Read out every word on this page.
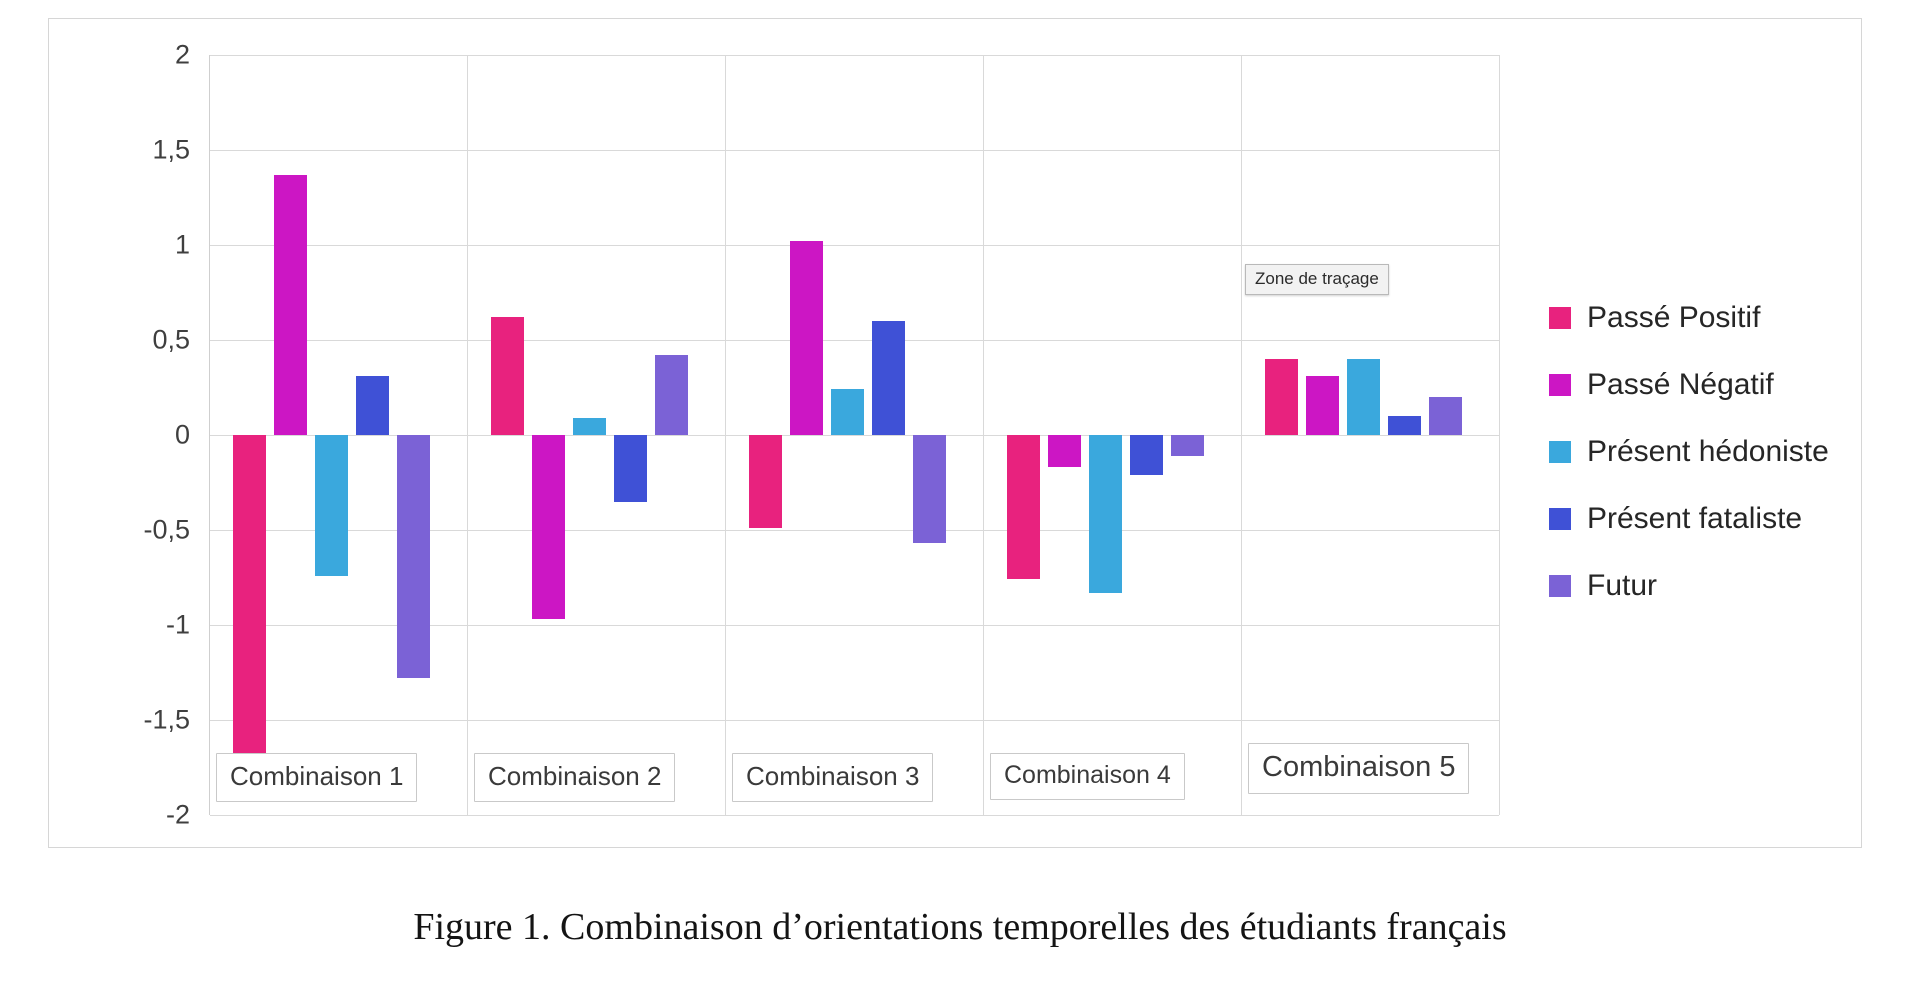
2
1,5
1
0,5
0
-0,5
-1
-1,5
-2
Combinaison 1	Combinaison 2	Combinaison 3	Combinaison 4	Combinaison 5
Zone de traçage
Passé Positif
Passé Négatif
Présent hédoniste
Présent fataliste
Futur
Figure 1. Combinaison d’orientations temporelles des étudiants français
